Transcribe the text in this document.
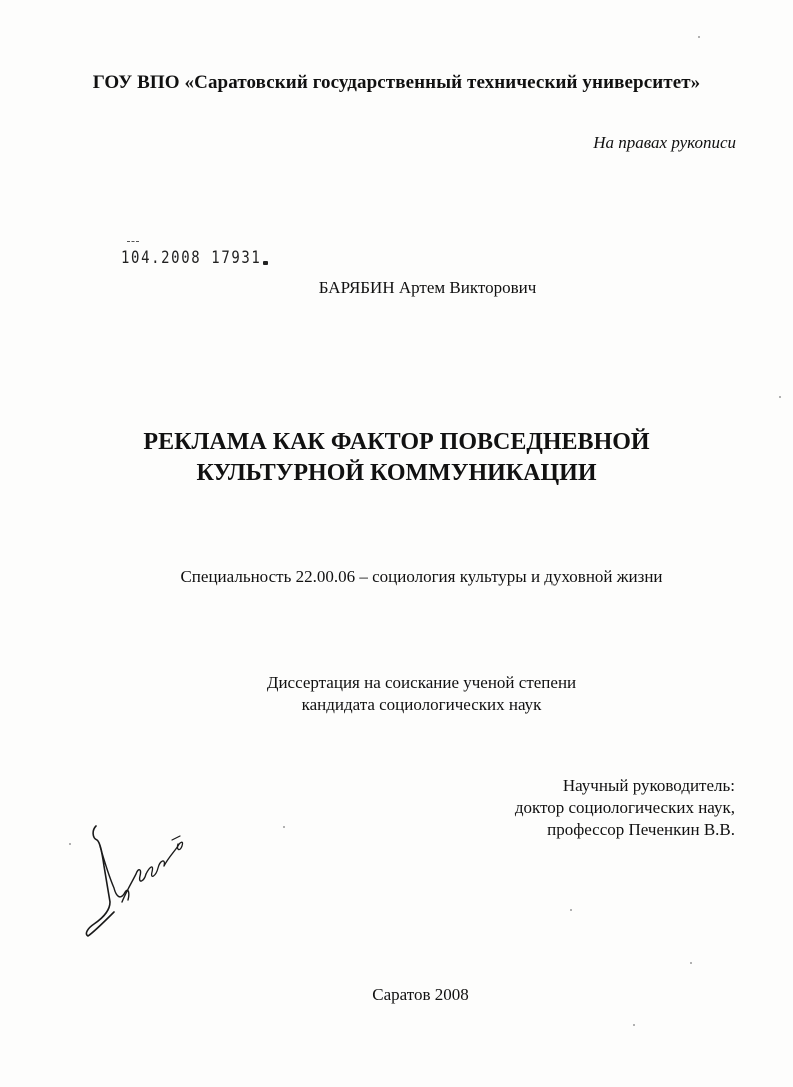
ГОУ ВПО «Саратовский государственный технический университет»
На правах рукописи
104.2008 17931
БАРЯБИН Артем Викторович
РЕКЛАМА КАК ФАКТОР ПОВСЕДНЕВНОЙ
КУЛЬТУРНОЙ КОММУНИКАЦИИ
Специальность 22.00.06 – социология культуры и духовной жизни
Диссертация на соискание ученой степени
кандидата социологических наук
Научный руководитель:
доктор социологических наук,
профессор Печенкин В.В.
Саратов 2008
